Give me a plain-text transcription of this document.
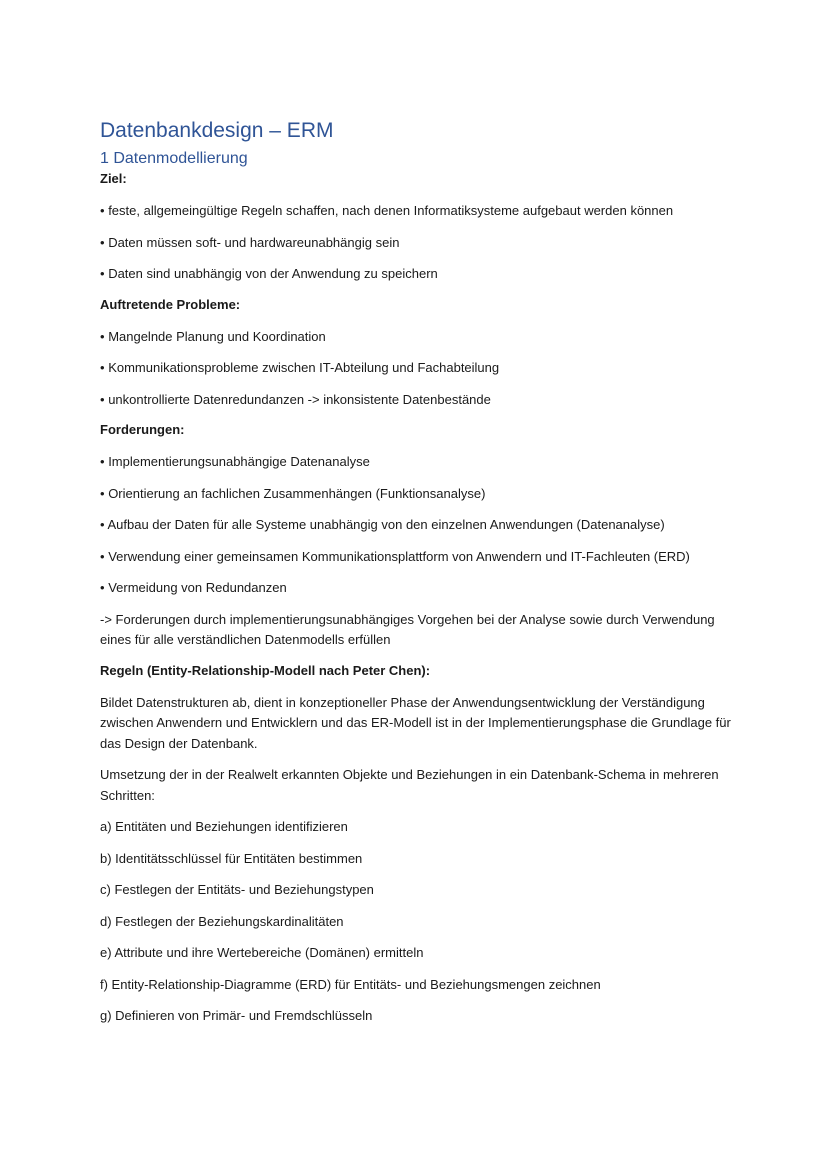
Datenbankdesign – ERM
1 Datenmodellierung
Ziel:
• feste, allgemeingültige Regeln schaffen, nach denen Informatiksysteme aufgebaut werden können
• Daten müssen soft- und hardwareunabhängig sein
• Daten sind unabhängig von der Anwendung zu speichern
Auftretende Probleme:
• Mangelnde Planung und Koordination
• Kommunikationsprobleme zwischen IT-Abteilung und Fachabteilung
• unkontrollierte Datenredundanzen -> inkonsistente Datenbestände
Forderungen:
• Implementierungsunabhängige Datenanalyse
• Orientierung an fachlichen Zusammenhängen (Funktionsanalyse)
• Aufbau der Daten für alle Systeme unabhängig von den einzelnen Anwendungen (Datenanalyse)
• Verwendung einer gemeinsamen Kommunikationsplattform von Anwendern und IT-Fachleuten (ERD)
• Vermeidung von Redundanzen
-> Forderungen durch implementierungsunabhängiges Vorgehen bei der Analyse sowie durch Verwendung eines für alle verständlichen Datenmodells erfüllen
Regeln (Entity-Relationship-Modell nach Peter Chen):
Bildet Datenstrukturen ab, dient in konzeptioneller Phase der Anwendungsentwicklung der Verständigung zwischen Anwendern und Entwicklern und das ER-Modell ist in der Implementierungsphase die Grundlage für das Design der Datenbank.
Umsetzung der in der Realwelt erkannten Objekte und Beziehungen in ein Datenbank-Schema in mehreren Schritten:
a) Entitäten und Beziehungen identifizieren
b) Identitätsschlüssel für Entitäten bestimmen
c) Festlegen der Entitäts- und Beziehungstypen
d) Festlegen der Beziehungskardinalitäten
e) Attribute und ihre Wertebereiche (Domänen) ermitteln
f) Entity-Relationship-Diagramme (ERD) für Entitäts- und Beziehungsmengen zeichnen
g) Definieren von Primär- und Fremdschlüsseln
